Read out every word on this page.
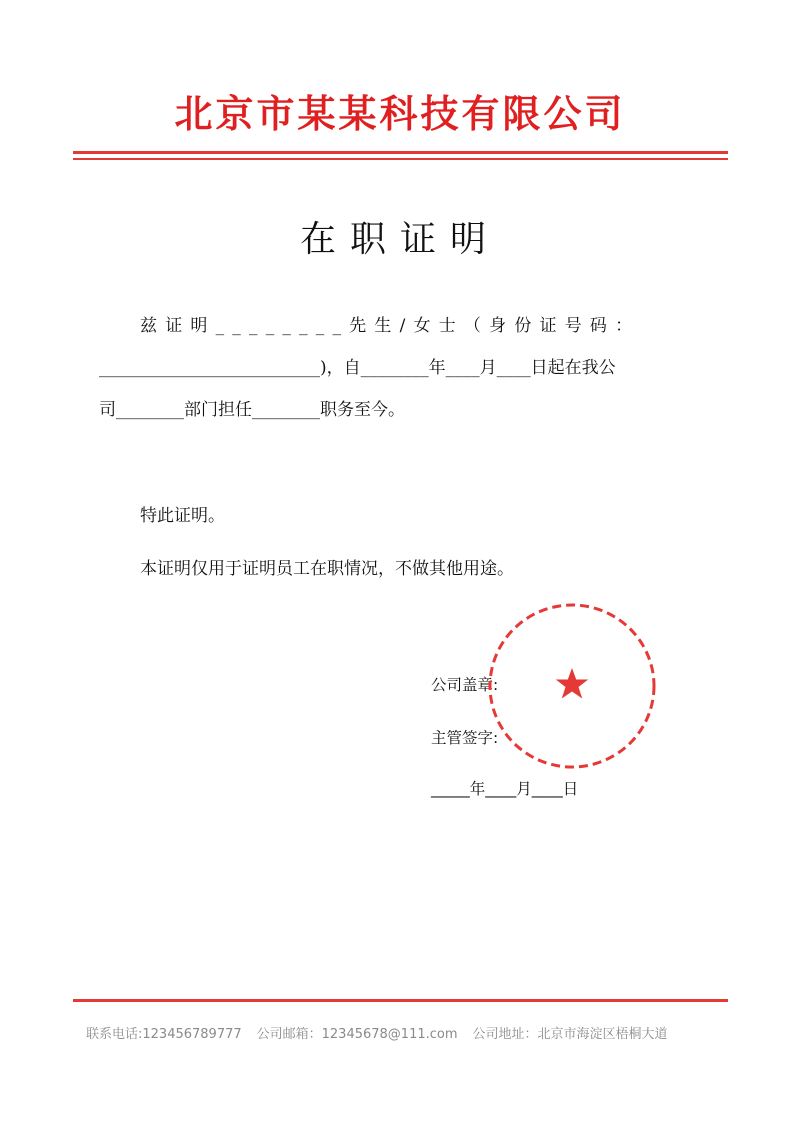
北京市某某科技有限公司
在职证明
兹证明________先生/女士（身份证号码：
__________________________)，自________年____月____日起在我公
司________部门担任________职务至今。
特此证明。
本证明仅用于证明员工在职情况，不做其他用途。
公司盖章:
主管签字:
_____年____月____日
联系电话:123456789777 公司邮箱：12345678@111.com 公司地址：北京市海淀区梧桐大道
